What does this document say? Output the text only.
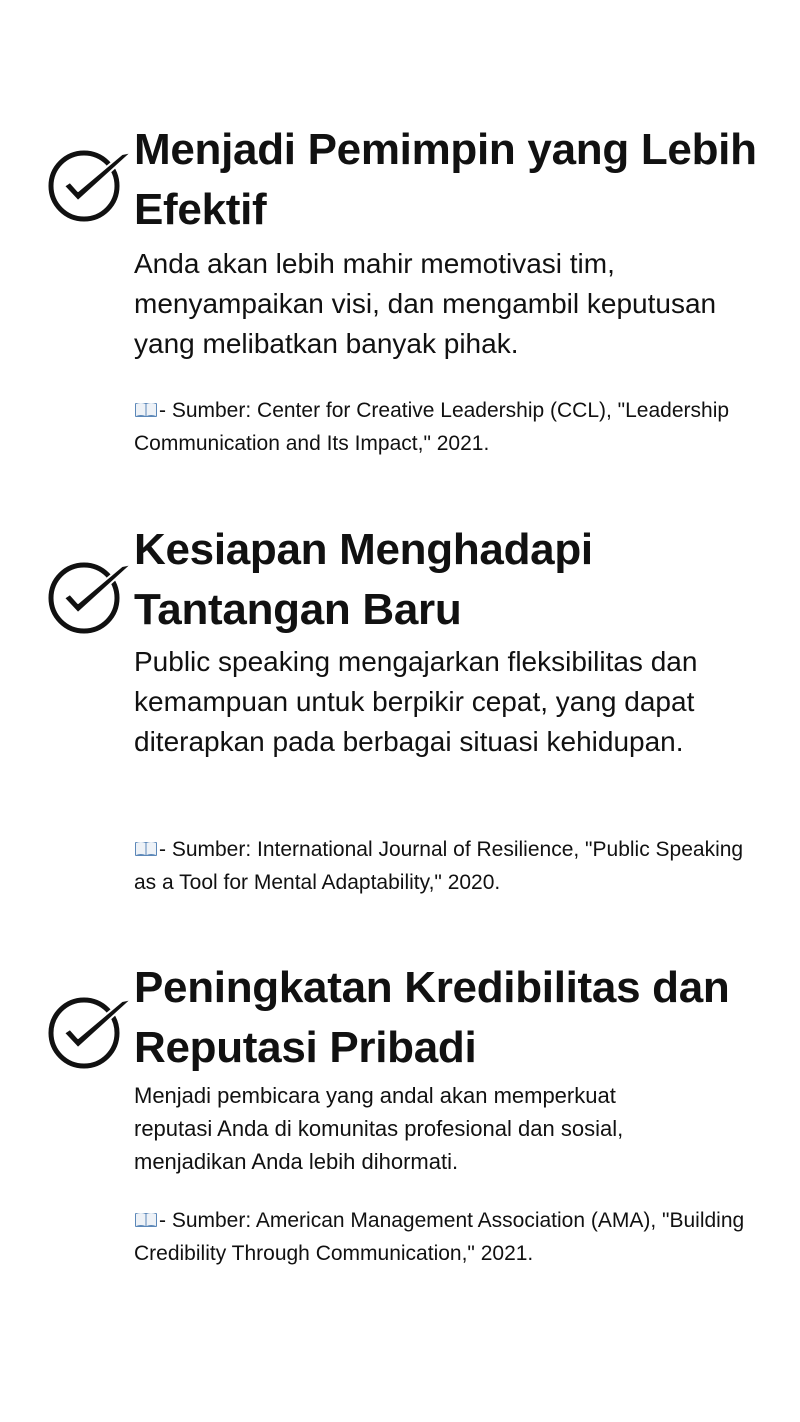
Menjadi Pemimpin yang Lebih Efektif

Anda akan lebih mahir memotivasi tim, menyampaikan visi, dan mengambil keputusan yang melibatkan banyak pihak.

- Sumber: Center for Creative Leadership (CCL), "Leadership Communication and Its Impact," 2021.

Kesiapan Menghadapi Tantangan Baru

Public speaking mengajarkan fleksibilitas dan kemampuan untuk berpikir cepat, yang dapat diterapkan pada berbagai situasi kehidupan.

- Sumber: International Journal of Resilience, "Public Speaking as a Tool for Mental Adaptability," 2020.

Peningkatan Kredibilitas dan Reputasi Pribadi

Menjadi pembicara yang andal akan memperkuat reputasi Anda di komunitas profesional dan sosial, menjadikan Anda lebih dihormati.

- Sumber: American Management Association (AMA), "Building Credibility Through Communication," 2021.
